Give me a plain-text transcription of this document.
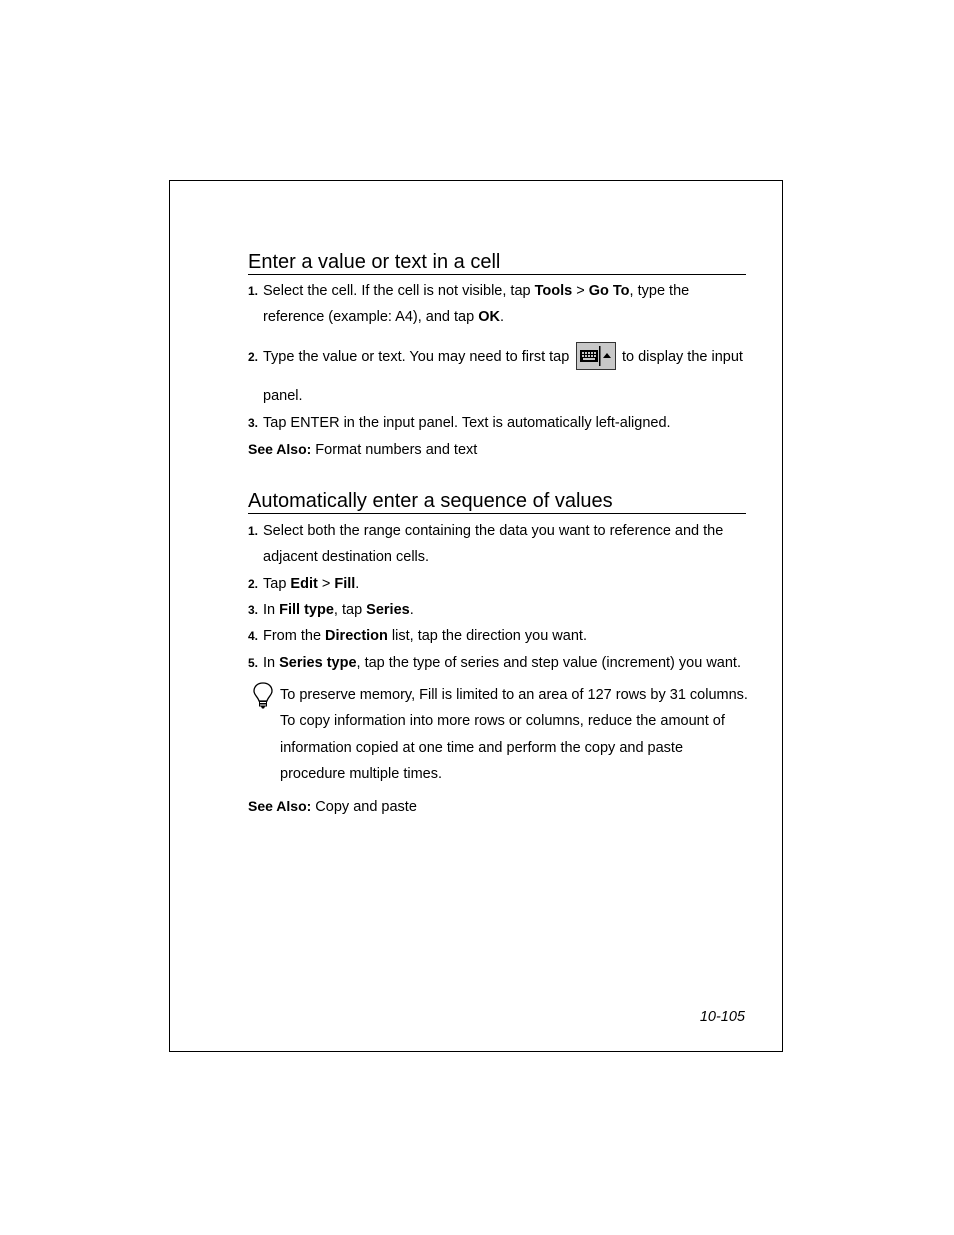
Enter a value or text in a cell
1. Select the cell. If the cell is not visible, tap Tools > Go To, type the
reference (example: A4), and tap OK.
2. Type the value or text. You may need to first tap	to display the input
panel.
3. Tap ENTER in the input panel. Text is automatically left-aligned.
See Also: Format numbers and text
Automatically enter a sequence of values
1. Select both the range containing the data you want to reference and the
adjacent destination cells.
2. Tap Edit > Fill.
3. In Fill type, tap Series.
4. From the Direction list, tap the direction you want.
5. In Series type, tap the type of series and step value (increment) you want.
To preserve memory, Fill is limited to an area of 127 rows by 31 columns.
To copy information into more rows or columns, reduce the amount of
information copied at one time and perform the copy and paste
procedure multiple times.
See Also: Copy and paste
10-105
